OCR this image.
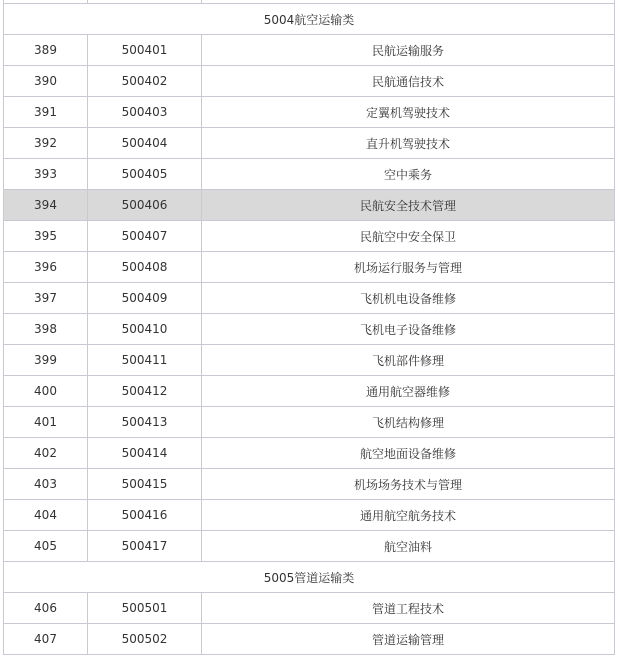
5004航空运输类		
389	500401	民航运输服务
390	500402	民航通信技术
391	500403	定翼机驾驶技术
392	500404	直升机驾驶技术
393	500405	空中乘务
394	500406	民航安全技术管理
395	500407	民航空中安全保卫
396	500408	机场运行服务与管理
397	500409	飞机机电设备维修
398	500410	飞机电子设备维修
399	500411	飞机部件修理
400	500412	通用航空器维修
401	500413	飞机结构修理
402	500414	航空地面设备维修
403	500415	机场场务技术与管理
404	500416	通用航空航务技术
405	500417	航空油料
5005管道运输类		
406	500501	管道工程技术
407	500502	管道运输管理
